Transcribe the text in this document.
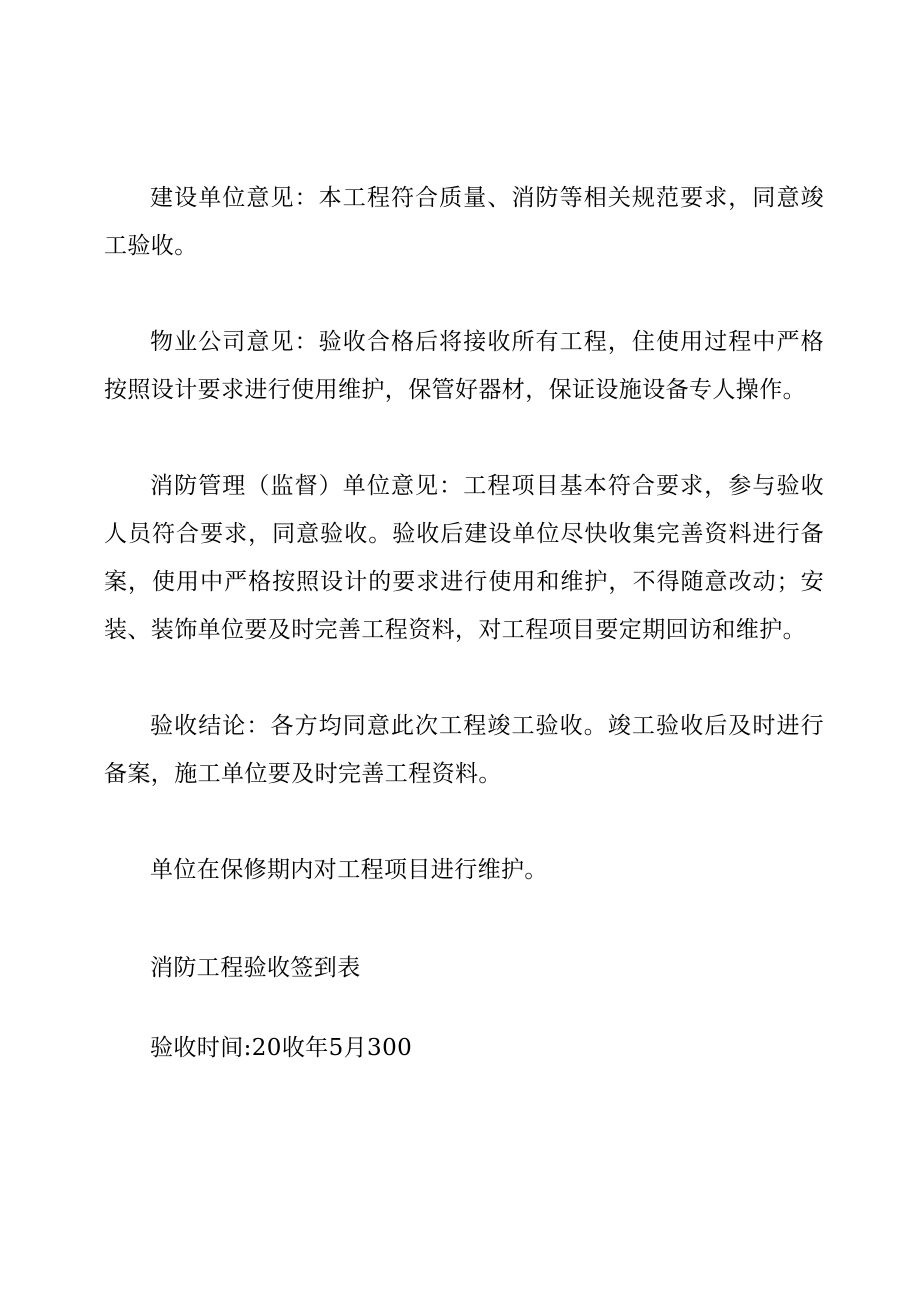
建设单位意见：本工程符合质量、消防等相关规范要求，同意竣工验收。

物业公司意见：验收合格后将接收所有工程，住使用过程中严格按照设计要求进行使用维护，保管好器材，保证设施设备专人操作。

消防管理（监督）单位意见：工程项目基本符合要求，参与验收人员符合要求，同意验收。验收后建设单位尽快收集完善资料进行备案，使用中严格按照设计的要求进行使用和维护，不得随意改动；安装、装饰单位要及时完善工程资料，对工程项目要定期回访和维护。

验收结论：各方均同意此次工程竣工验收。竣工验收后及时进行备案，施工单位要及时完善工程资料。

单位在保修期内对工程项目进行维护。

消防工程验收签到表

验收时间:20收年5月300
